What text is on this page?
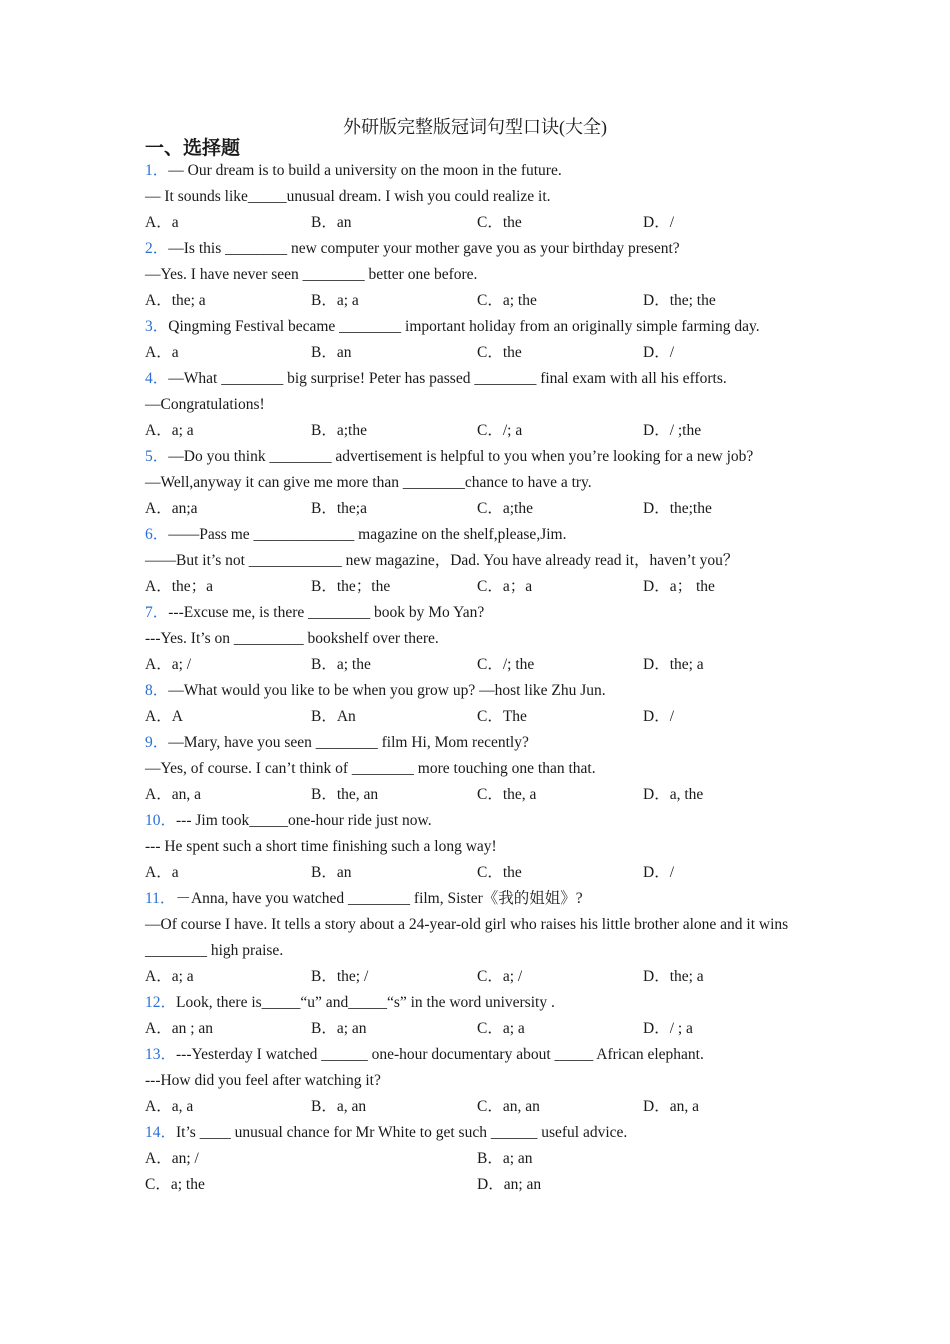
外研版完整版冠词句型口诀(大全)
一、选择题
1．— Our dream is to build a university on the moon in the future.
— It sounds like_____unusual dream. I wish you could realize it.
A．a	B．an	C．the	D．/
2．—Is this ________ new computer your mother gave you as your birthday present?
—Yes. I have never seen ________ better one before.
A．the; a	B．a; a	C．a; the	D．the; the
3．Qingming Festival became ________ important holiday from an originally simple farming day.
A．a	B．an	C．the	D．/
4．—What ________ big surprise! Peter has passed ________ final exam with all his efforts.
—Congratulations!
A．a; a	B．a;the	C．/; a	D．/ ;the
5．—Do you think ________ advertisement is helpful to you when you’re looking for a new job?
—Well,anyway it can give me more than ________chance to have a try.
A．an;a	B．the;a	C．a;the	D．the;the
6．——Pass me _____________ magazine on the shelf,please,Jim.
——But it’s not ____________ new magazine，Dad. You have already read it，haven’t you？
A．the；a	B．the；the	C．a；a	D．a； the
7．---Excuse me, is there ________ book by Mo Yan?
---Yes. It’s on _________ bookshelf over there.
A．a; /	B．a; the	C．/; the	D．the; a
8．—What would you like to be when you grow up? —host like Zhu Jun.
A．A	B．An	C．The	D．/
9．—Mary, have you seen ________ film Hi, Mom recently?
—Yes, of course. I can’t think of ________ more touching one than that.
A．an, a	B．the, an	C．the, a	D．a, the
10．--- Jim took_____one-hour ride just now.
--- He spent such a short time finishing such a long way!
A．a	B．an	C．the	D．/
11．－Anna, have you watched ________ film, Sister《我的姐姐》?
—Of course I have. It tells a story about a 24-year-old girl who raises his little brother alone and it wins ________ high praise.
A．a; a	B．the; /	C．a; /	D．the; a
12．Look, there is_____“u” and_____“s” in the word university .
A．an ; an	B．a; an	C．a; a	D．/ ; a
13．---Yesterday I watched ______ one-hour documentary about _____ African elephant.
---How did you feel after watching it?
A．a, a	B．a, an	C．an, an	D．an, a
14．It’s ____ unusual chance for Mr White to get such ______ useful advice.
A．an; /	B．a; an
C．a; the	D．an; an
